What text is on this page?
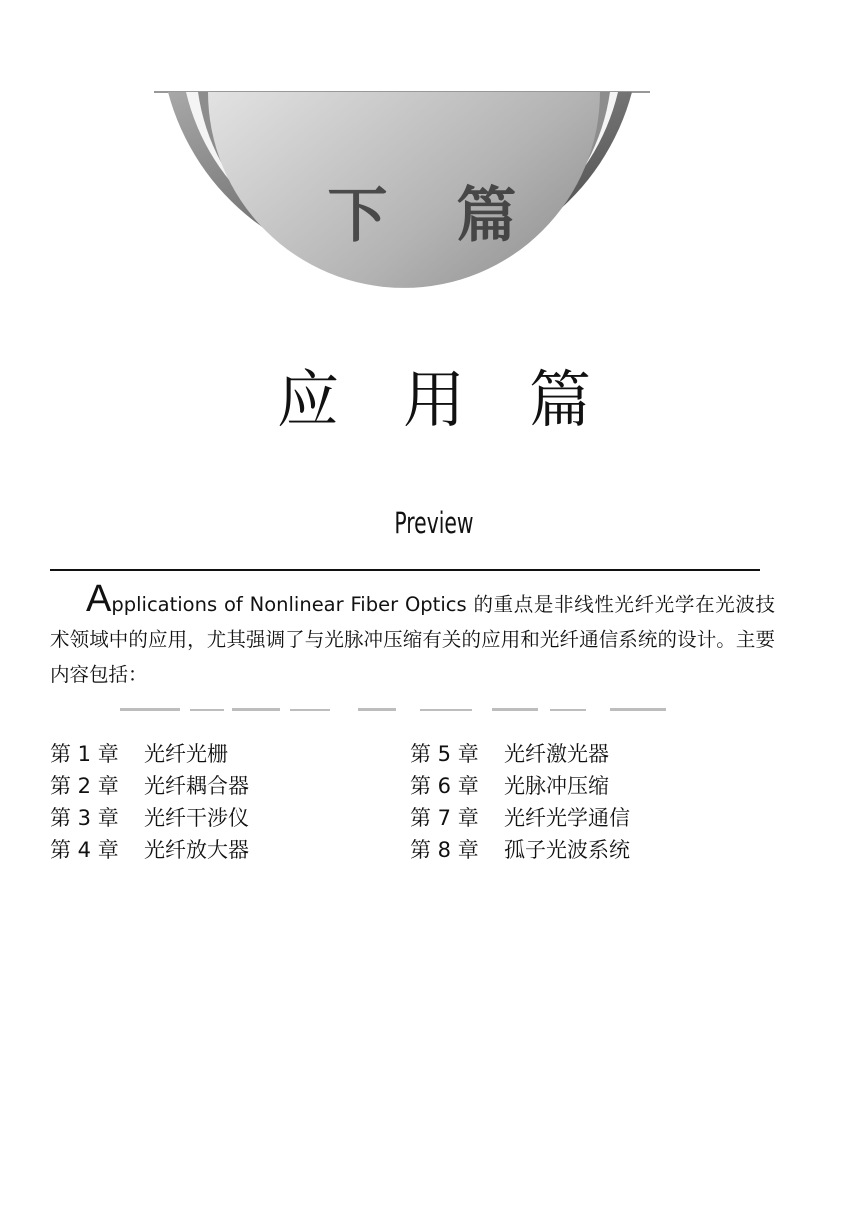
下 篇
应用篇
Preview
Applications of Nonlinear Fiber Optics 的重点是非线性光纤光学在光波技术领域中的应用，尤其强调了与光脉冲压缩有关的应用和光纤通信系统的设计。主要内容包括：
第 1 章	光纤光栅
第 2 章	光纤耦合器
第 3 章	光纤干涉仪
第 4 章	光纤放大器
第 5 章	光纤激光器
第 6 章	光脉冲压缩
第 7 章	光纤光学通信
第 8 章	孤子光波系统
